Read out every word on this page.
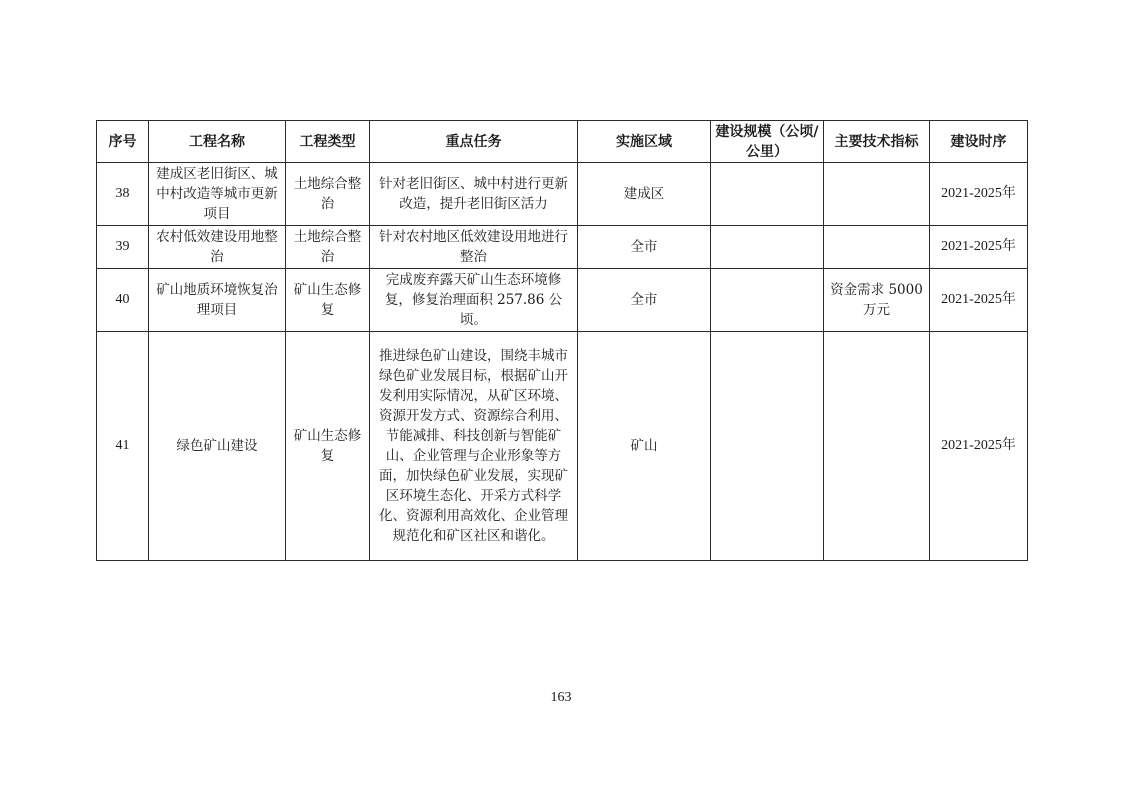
序号	工程名称	工程类型	重点任务	实施区域	建设规模（公顷/公里）	主要技术指标	建设时序
38	建成区老旧街区、城中村改造等城市更新项目	土地综合整治	针对老旧街区、城中村进行更新改造，提升老旧街区活力	建成区			2021-2025年
39	农村低效建设用地整治	土地综合整治	针对农村地区低效建设用地进行整治	全市			2021-2025年
40	矿山地质环境恢复治理项目	矿山生态修复	完成废弃露天矿山生态环境修复，修复治理面积 257.86 公顷。	全市		资金需求 5000 万元	2021-2025年
41	绿色矿山建设	矿山生态修复	推进绿色矿山建设，围绕丰城市绿色矿业发展目标，根据矿山开发利用实际情况，从矿区环境、资源开发方式、资源综合利用、节能减排、科技创新与智能矿山、企业管理与企业形象等方面，加快绿色矿业发展，实现矿区环境生态化、开采方式科学化、资源利用高效化、企业管理规范化和矿区社区和谐化。	矿山			2021-2025年
163
